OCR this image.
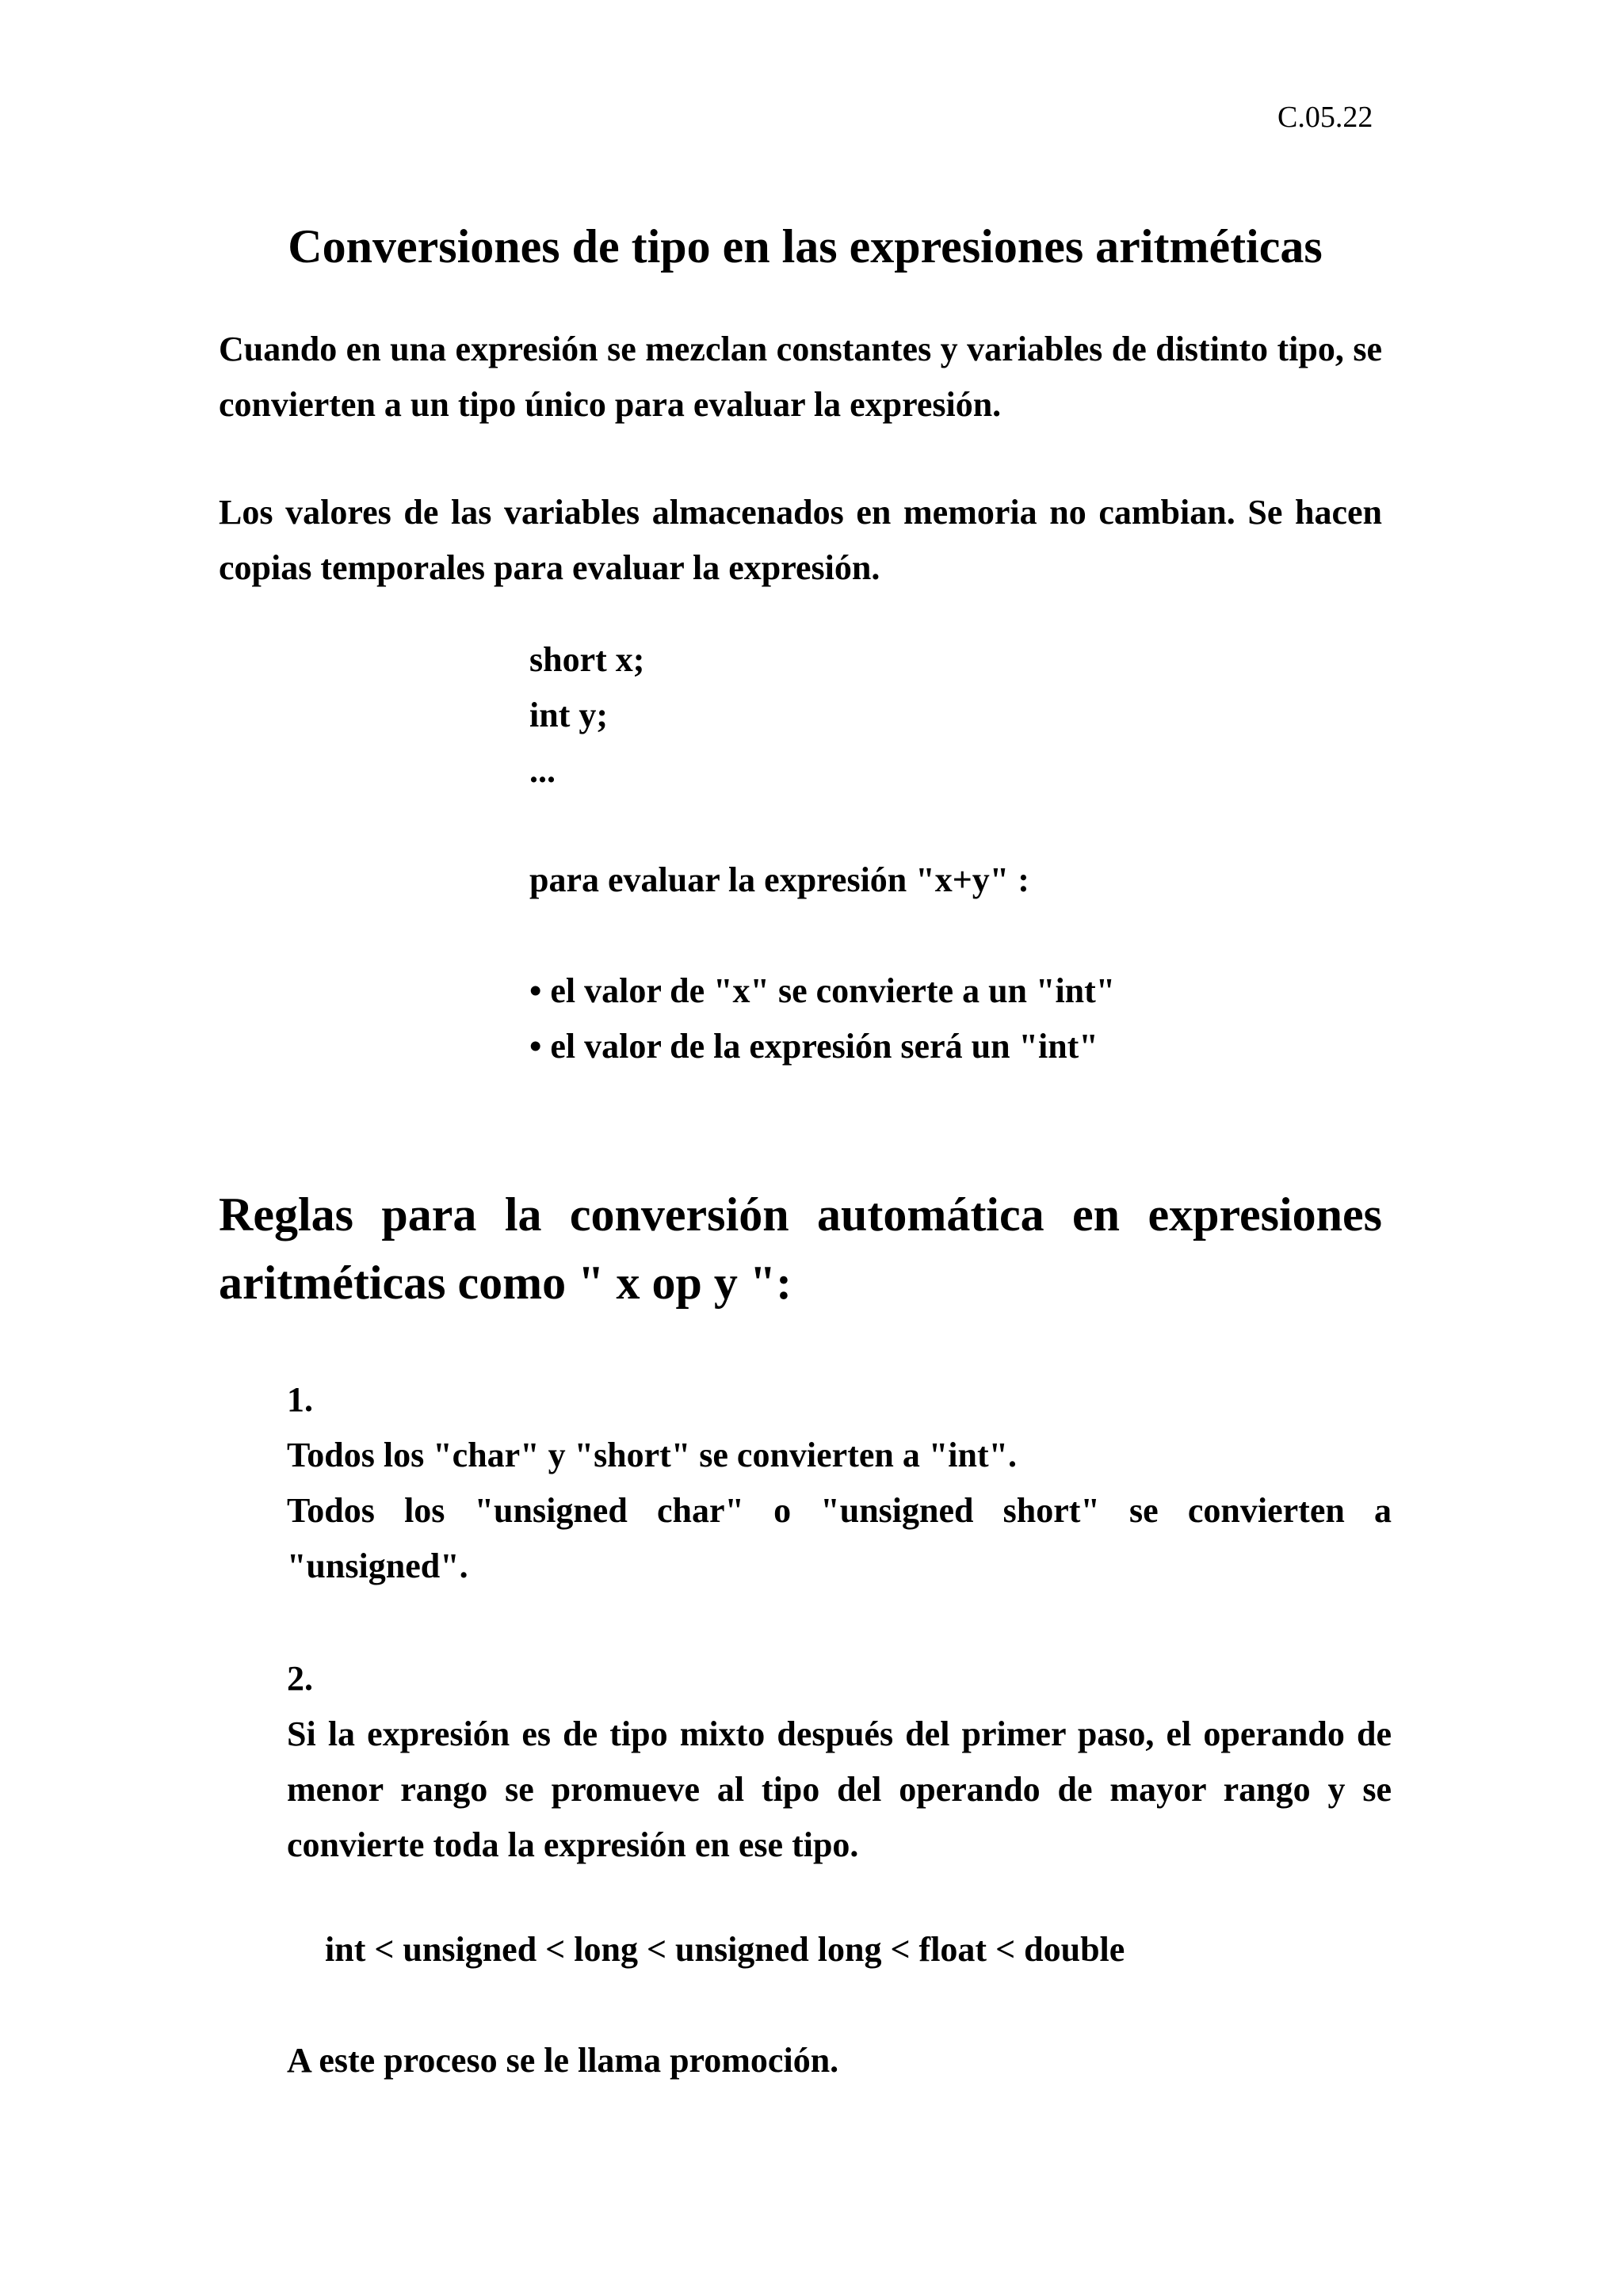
C.05.22
Conversiones de tipo en las expresiones aritméticas

Cuando en una expresión se mezclan constantes y variables de distinto tipo, se convierten a un tipo único para evaluar la expresión.

Los valores de las variables almacenados en memoria no cambian. Se hacen copias temporales para evaluar la expresión.

short x;
int y;
...
para evaluar la expresión "x+y" :
• el valor de "x" se convierte a un "int"
• el valor de la expresión será un "int"
Reglas para la conversión automática en expresiones aritméticas como " x op y ":
1.

Todos los "char" y "short" se convierten a "int".

Todos los "unsigned char" o "unsigned short" se convierten a "unsigned".

2.

Si la expresión es de tipo mixto después del primer paso, el operando de menor rango se promueve al tipo del operando de mayor rango y se convierte toda la expresión en ese tipo.

int < unsigned < long < unsigned long < float < double
A este proceso se le llama promoción.
